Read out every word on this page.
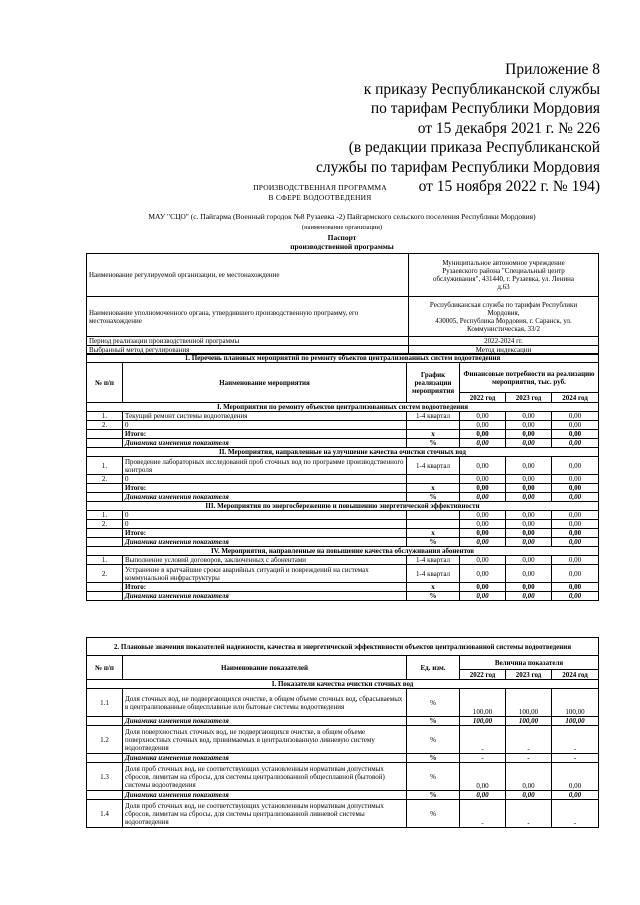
Приложение 8
к приказу Республиканской службы
по тарифам Республики Мордовия
от 15 декабря 2021 г. № 226
(в редакции приказа Республиканской
службы по тарифам Республики Мордовия
от 15 ноября 2022 г. № 194)
ПРОИЗВОДСТВЕННАЯ ПРОГРАММА
В СФЕРЕ ВОДООТВЕДЕНИЯ
МАУ "СЦО" (с. Пайгарма (Военный городок №8 Рузаевка -2) Пайгармского сельского поселения Республики Мордовия)
(наименование организации)
Паспорт
производственной программы
Наименование регулируемой организации, ее местонахождение	Муниципальное автономное учреждение
Рузаевского района "Специальный центр
обслуживания", 431440, г. Рузаевка, ул. Ленина
д.63

Наименование уполномоченного органа, утвердившего производственную программу, его местонахождение	Республиканская служба по тарифам Республики
Мордовия,
430005, Республика Мордовия, г. Саранск, ул.
Коммунистическая, 33/2

Период реализации производственной программы	2022-2024 гг.
Выбранный метод регулирования	Метод индексации
1. Перечень плановых мероприятий по ремонту объектов централизованных систем водоотведения					
№ п/п	Наименование мероприятия	График реализации мероприятия	Финансовые потребности на реализацию мероприятия, тыс. руб.		
			2022 год	2023 год	2024 год
I. Мероприятия по ремонту объектов централизованных систем водоотведения					
1.	Текущий ремонт системы водоотведения	1-4 квартал	0,00	0,00	0,00
2.	0		0,00	0,00	0,00
	Итого:	х	0,00	0,00	0,00
	Динамика изменения показателя	%	0,00	0,00	0,00
II. Мероприятия, направленные на улучшение качества очистки сточных вод					
1.	Проведение лабораторных исследований проб сточных вод по программе производственного контроля	1-4 квартал	0,00	0,00	0,00
2.	0		0,00	0,00	0,00
	Итого:	х	0,00	0,00	0,00
	Динамика изменения показателя	%	0,00	0,00	0,00
III. Мероприятия по энергосбережению и повышению энергетической эффективности					
1.	0		0,00	0,00	0,00
2.	0		0,00	0,00	0,00
	Итого:	х	0,00	0,00	0,00
	Динамика изменения показателя	%	0,00	0,00	0,00
IV. Мероприятия, направленные на повышение качества обслуживания абонентов					
1.	Выполнение условий договоров, заключенных с абонентами	1-4 квартал	0,00	0,00	0,00
2.	Устранение в кратчайшие сроки аварийных ситуаций и повреждений на системах коммунальной инфраструктуры	1-4 квартал	0,00	0,00	0,00
	Итого:	х	0,00	0,00	0,00
	Динамика изменения показателя	%	0,00	0,00	0,00
2. Плановые значения показателей надежности, качества и энергетической эффективности объектов централизованной системы водоотведения					
№ п/п	Наименование показателей	Ед. изм.	Величина показателя		
			2022 год	2023 год	2024 год
I. Показатели качества очистки сточных вод					
1.1	Доля сточных вод, не подвергающихся очистке, в общем объеме сточных вод, сбрасываемых в централизованные общесплавные или бытовые системы водоотведения	%	100,00	100,00	100,00
	Динамика изменения показателя	%	100,00	100,00	100,00
1.2	Доля поверхностных сточных вод, не подвергающихся очистке, в общем объеме поверхностных сточных вод, принимаемых в централизованную ливневую систему водоотведения	%	-	-	-
	Динамика изменения показателя	%	-	-	-
1.3	Доля проб сточных вод, не соответствующих установленным нормативам допустимых сбросов, лимитам на сбросы, для системы централизованной общесплавной (бытовой) системы водоотведения	%	0,00	0,00	0,00
	Динамика изменения показателя	%	0,00	0,00	0,00
1.4	Доля проб сточных вод, не соответствующих установленным нормативам допустимых сбросов, лимитам на сбросы, для системы централизованной ливневой системы водоотведения	%	-	-	-
